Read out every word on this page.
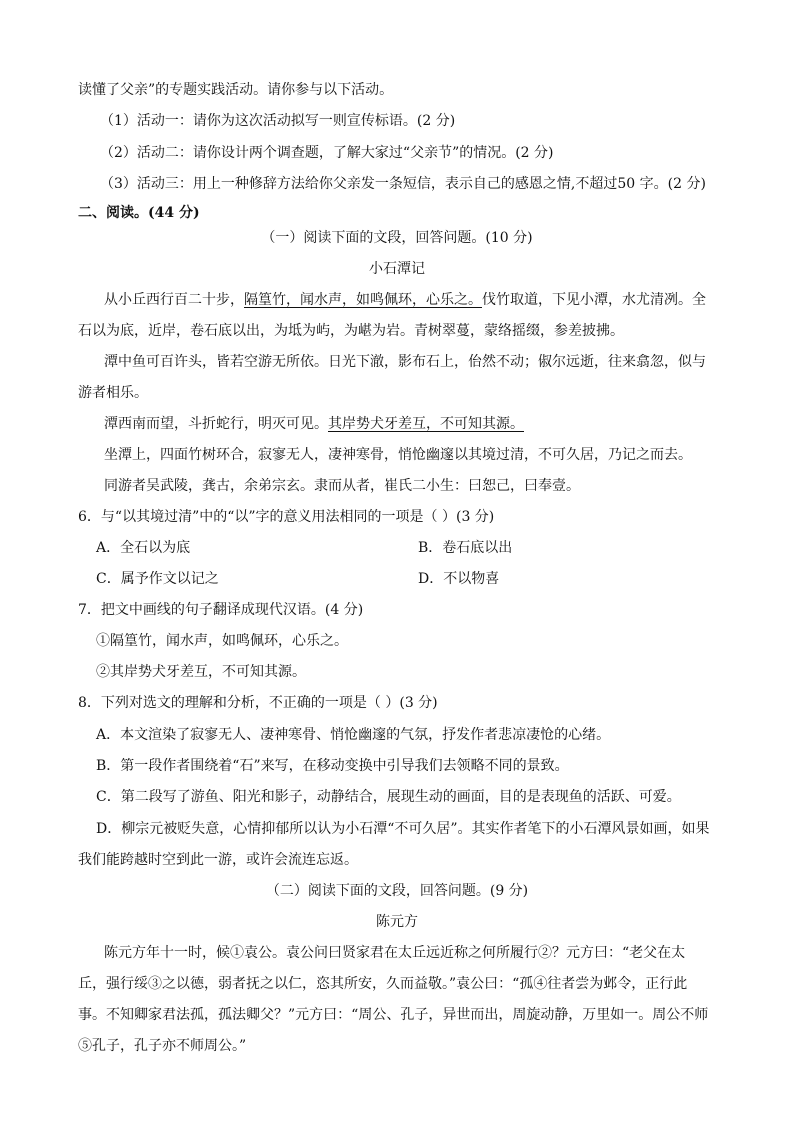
读懂了父亲”的专题实践活动。请你参与以下活动。
（1）活动一：请你为这次活动拟写一则宣传标语。(2 分)
（2）活动二：请你设计两个调查题，了解大家过“父亲节”的情况。(2 分)
（3）活动三：用上一种修辞方法给你父亲发一条短信，表示自己的感恩之情,不超过50 字。(2 分)
二、阅读。(44 分)
（一）阅读下面的文段，回答问题。(10 分)
小石潭记
从小丘西行百二十步，隔篁竹，闻水声，如鸣佩环，心乐之。伐竹取道，下见小潭，水尤清冽。全
石以为底，近岸，卷石底以出，为坻为屿，为嵁为岩。青树翠蔓，蒙络摇缀，参差披拂。
潭中鱼可百许头，皆若空游无所依。日光下澈，影布石上，佁然不动；俶尔远逝，往来翕忽，似与
游者相乐。
潭西南而望，斗折蛇行，明灭可见。其岸势犬牙差互，不可知其源。
坐潭上，四面竹树环合，寂寥无人，凄神寒骨，悄怆幽邃以其境过清，不可久居，乃记之而去。
同游者吴武陵，龚古，余弟宗玄。隶而从者，崔氏二小生：曰恕己，曰奉壹。
6．与“以其境过清”中的“以”字的意义用法相同的一项是（ ）(3 分)
A．全石以为底	B．卷石底以出
C．属予作文以记之	D．不以物喜
7．把文中画线的句子翻译成现代汉语。(4 分)
①隔篁竹，闻水声，如鸣佩环，心乐之。
②其岸势犬牙差互，不可知其源。
8．下列对选文的理解和分析，不正确的一项是（ ）(3 分)
A．本文渲染了寂寥无人、凄神寒骨、悄怆幽邃的气氛，抒发作者悲凉凄怆的心绪。
B．第一段作者围绕着“石”来写，在移动变换中引导我们去领略不同的景致。
C．第二段写了游鱼、阳光和影子，动静结合，展现生动的画面，目的是表现鱼的活跃、可爱。
D．柳宗元被贬失意，心情抑郁所以认为小石潭“不可久居”。其实作者笔下的小石潭风景如画，如果
我们能跨越时空到此一游，或许会流连忘返。
（二）阅读下面的文段，回答问题。(9 分)
陈元方
陈元方年十一时，候①袁公。袁公问曰贤家君在太丘远近称之何所履行②？元方曰：“老父在太
丘，强行绥③之以德，弱者抚之以仁，恣其所安，久而益敬。”袁公曰：“孤④往者尝为邺令，正行此
事。不知卿家君法孤，孤法卿父？”元方曰：“周公、孔子，异世而出，周旋动静，万里如一。周公不师
⑤孔子，孔子亦不师周公。”
